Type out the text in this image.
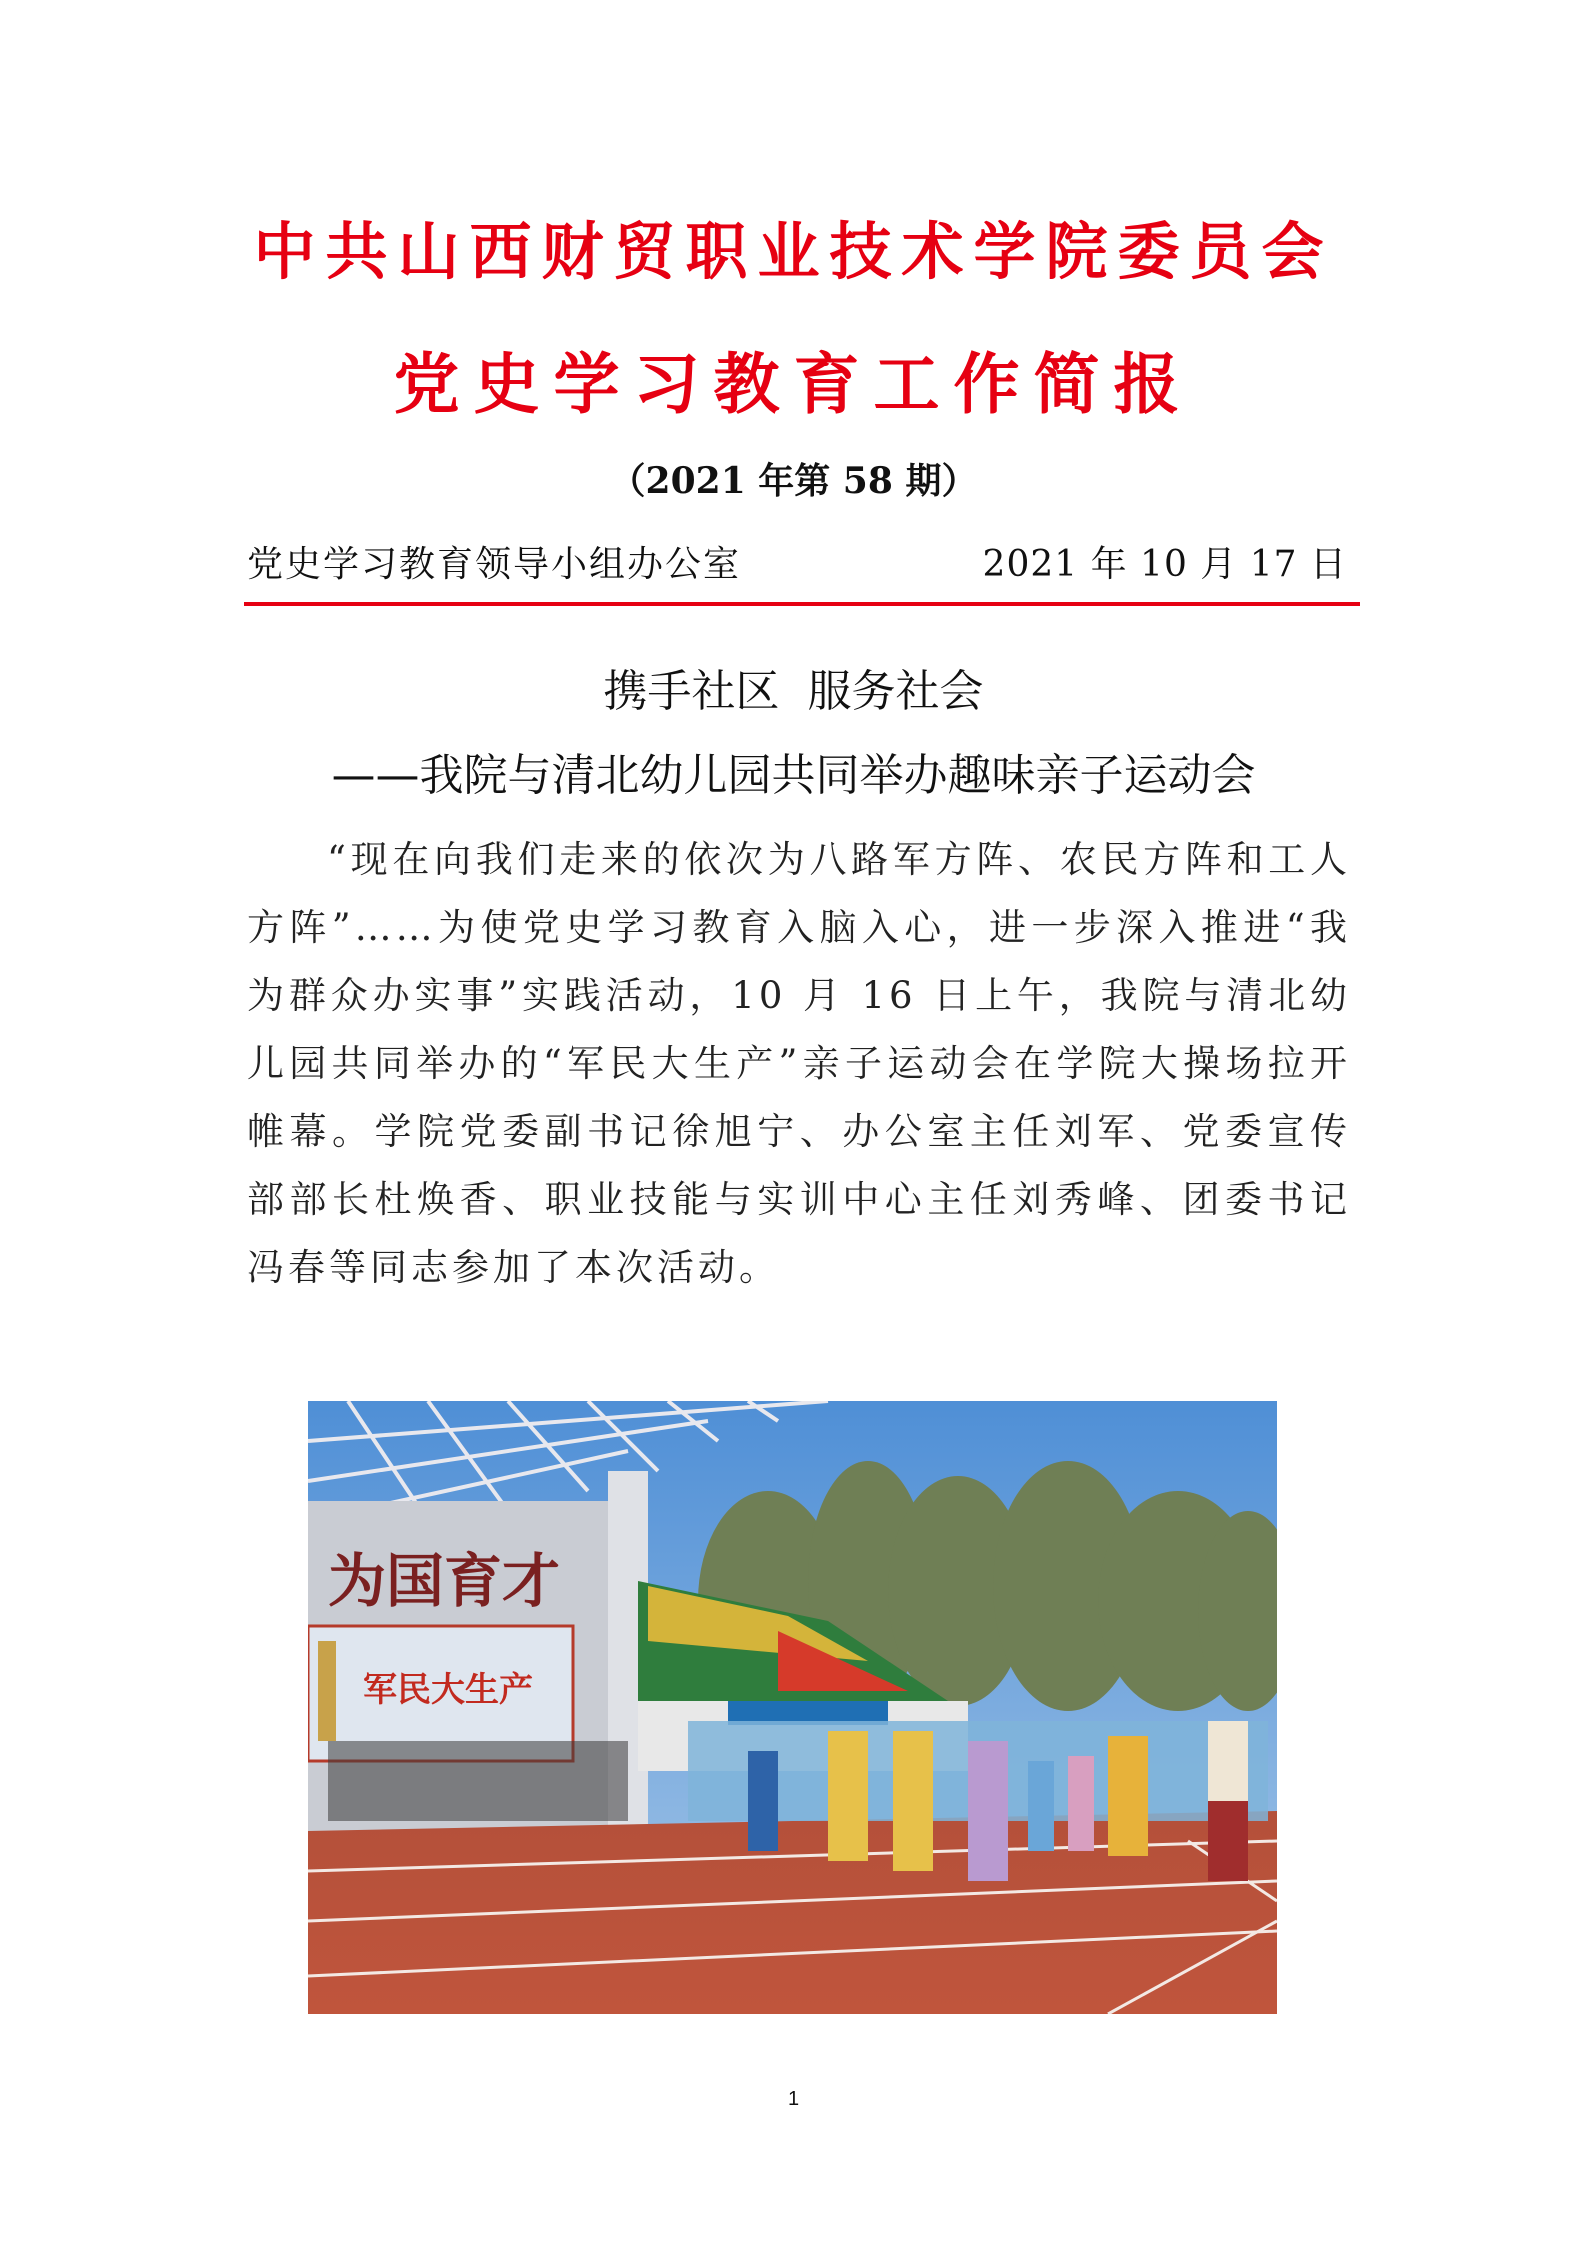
中共山西财贸职业技术学院委员会
党史学习教育工作简报
（2021 年第 58 期）
党史学习教育领导小组办公室	2021 年 10 月 17 日
携手社区  服务社会
——我院与清北幼儿园共同举办趣味亲子运动会

“现在向我们走来的依次为八路军方阵、农民方阵和工人方阵”……为使党史学习教育入脑入心，进一步深入推进“我为群众办实事”实践活动，10 月 16 日上午，我院与清北幼儿园共同举办的“军民大生产”亲子运动会在学院大操场拉开帷幕。学院党委副书记徐旭宁、办公室主任刘军、党委宣传部部长杜焕香、职业技能与实训中心主任刘秀峰、团委书记冯春等同志参加了本次活动。

为国育才
军民大生产
1
